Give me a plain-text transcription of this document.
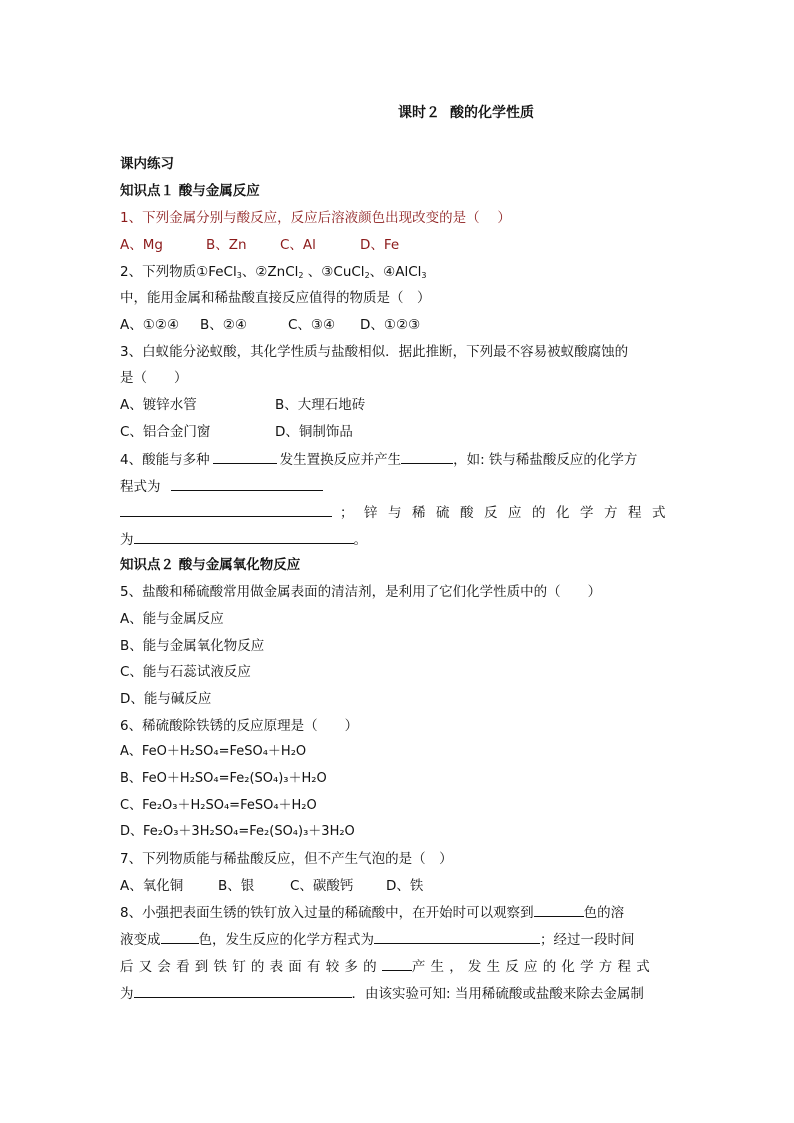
课时２ 酸的化学性质
课内练习
知识点１ 酸与金属反应
1、下列金属分别与酸反应，反应后溶液颜色出现改变的是（　 ）
A、Mg	B、Zn C、Al	D、Fe
2、下列物质①FeCl$_3$、②ZnCl$_2$ 、③CuCl$_2$、④AlCl$_3$
中，能用金属和稀盐酸直接反应值得的物质是（　）
A、①②④ B、②④	C、③④ D、①②③
3、白蚁能分泌蚁酸，其化学性质与盐酸相似．据此推断，下列最不容易被蚁酸腐蚀的
是（　　）
A、镀锌水管	B、大理石地砖
C、铝合金门窗	D、铜制饰品
4、酸能与多种	发生置换反应并产生	，如: 铁与稀盐酸反应的化学方
程式为
；锌与稀硫酸反应的化学方程式
为	。
知识点２ 酸与金属氧化物反应
5、盐酸和稀硫酸常用做金属表面的清洁剂，是利用了它们化学性质中的（　　）
A、能与金属反应
B、能与金属氧化物反应
C、能与石蕊试液反应
D、能与碱反应
6、稀硫酸除铁锈的反应原理是（　　）
A、FeO＋H₂SO₄=FeSO₄＋H₂O
B、FeO＋H₂SO₄=Fe₂(SO₄)₃＋H₂O
C、Fe₂O₃＋H₂SO₄=FeSO₄＋H₂O
D、Fe₂O₃＋3H₂SO₄=Fe₂(SO₄)₃＋3H₂O
7、下列物质能与稀盐酸反应，但不产生气泡的是（　）
A、氧化铜	B、银	C、碳酸钙 D、铁
8、小强把表面生锈的铁钉放入过量的稀硫酸中，在开始时可以观察到	色的溶
液变成	色，发生反应的化学方程式为	；经过一段时间
后又会看到铁钉的表面有较多的 产生，发生反应的化学方程式
为	．由该实验可知: 当用稀硫酸或盐酸来除去金属制
